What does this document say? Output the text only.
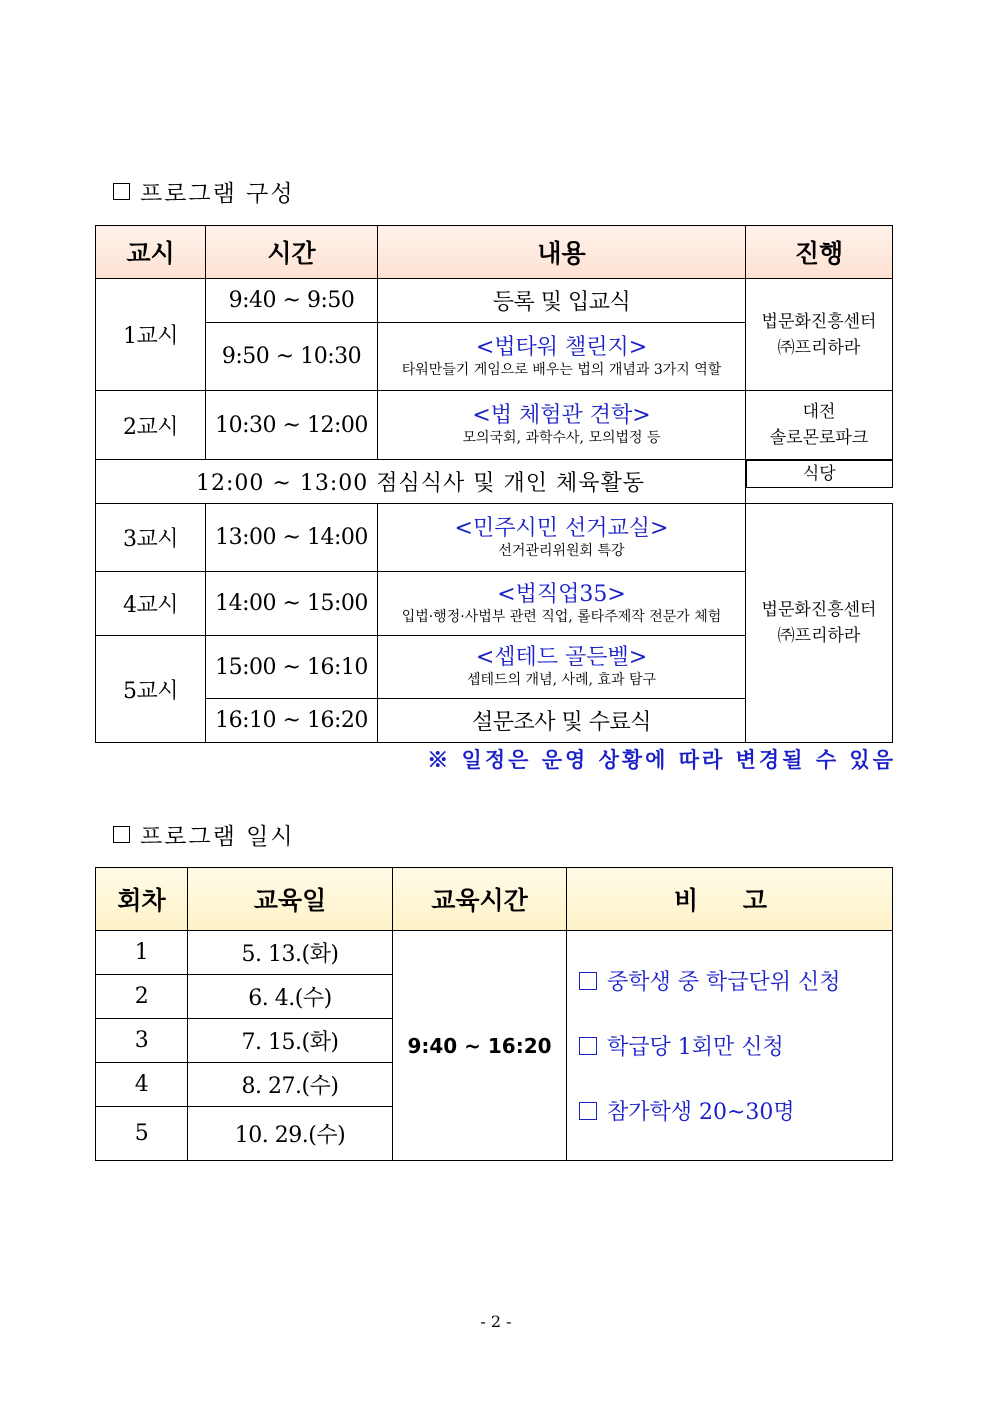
프로그램 구성
교시	시간	내용	진행
1교시	9:40 ~ 9:50	등록 및 입교식	법문화진흥센터
㈜프리하라

	9:50 ~ 10:30	<법타워 챌린지>
타워만들기 게임으로 배우는 법의 개념과 3가지 역할	

2교시	10:30 ~ 12:00	<법 체험관 견학>
모의국회, 과학수사, 모의법정 등	대전
솔로몬로파크

12:00 ~ 13:00 점심식사 및 개인 체육활동		식당

3교시	13:00 ~ 14:00	<민주시민 선거교실>
선거관리위원회 특강	법문화진흥센터
㈜프리하라

4교시	14:00 ~ 15:00	<법직업35>
입법·행정·사법부 관련 직업, 롤타주제작 전문가 체험	

5교시	15:00 ~ 16:10	<셉테드 골든벨>
셉테드의 개념, 사례, 효과 탐구	

	16:10 ~ 16:20	설문조사 및 수료식	
※ 일정은 운영 상황에 따라 변경될 수 있음
프로그램 일시
회차	교육일	교육시간	비 고
1	5. 13.(화)	9:40 ~ 16:20	중학생 중 학급단위 신청
학급당 1회만 신청
참가학생 20~30명

2	6. 4.(수)		
3	7. 15.(화)		
4	8. 27.(수)		
5	10. 29.(수)		
- 2 -
